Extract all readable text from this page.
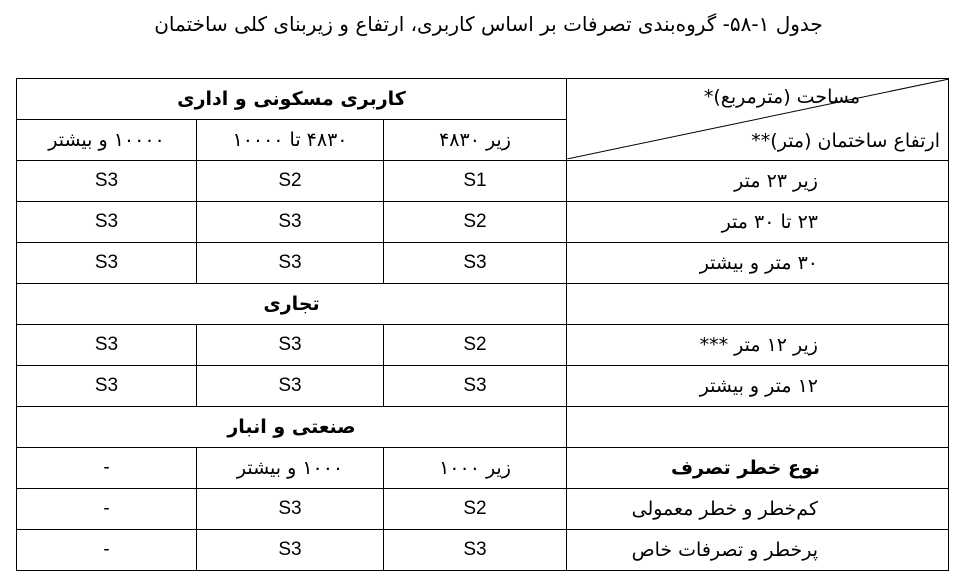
جدول ۱-۵۸- گروه‌بندی تصرفات بر اساس کاربری، ارتفاع و زیربنای کلی ساختمان
کاربری مسکونی و اداری			مساحت (مترمربع)*
ارتفاع ساختمان (متر)**

۱۰۰۰۰ و بیشتر	۴۸۳۰ تا ۱۰۰۰۰	زیر ۴۸۳۰	
S3	S2	S1	زیر ۲۳ متر
S3	S3	S2	۲۳ تا ۳۰ متر
S3	S3	S3	۳۰ متر و بیشتر
تجاری			
S3	S3	S2	زیر ۱۲ متر ***
S3	S3	S3	۱۲ متر و بیشتر
صنعتی و انبار			
-	۱۰۰۰ و بیشتر	زیر ۱۰۰۰	نوع خطر تصرف
-	S3	S2	کم‌خطر و خطر معمولی
-	S3	S3	پرخطر و تصرفات خاص
